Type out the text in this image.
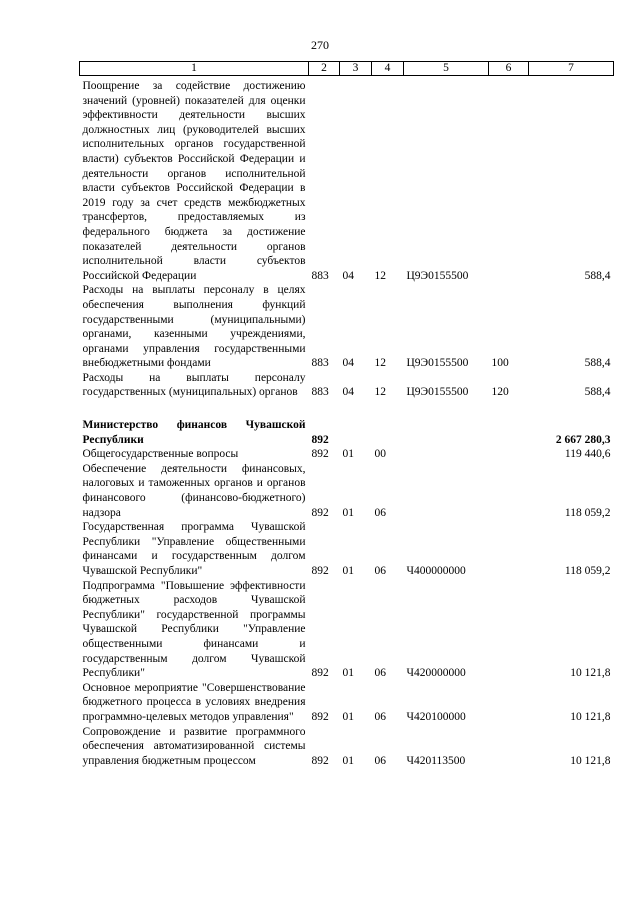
270
1	2	3	4	5	6	7
Поощрение за содействие достижению значений (уровней) показателей для оценки эффективности деятельности высших должностных лиц (руководителей высших исполнительных органов государственной власти) субъектов Российской Федерации и деятельности органов исполнительной власти субъектов Российской Федерации в 2019 году за счет средств межбюджетных трансфертов, предоставляемых из федерального бюджета за достижение показателей деятельности органов исполнительной власти субъектов Российской Федерации	883	04	12	Ц9Э0155500		588,4
Расходы на выплаты персоналу в целях обеспечения выполнения функций государственными (муниципальными) органами, казенными учреждениями, органами управления государственными внебюджетными фондами	883	04	12	Ц9Э0155500	100	588,4
Расходы на выплаты персоналу государственных (муниципальных) органов	883	04	12	Ц9Э0155500	120	588,4

Министерство финансов Чувашской Республики	892					2 667 280,3
Общегосударственные вопросы	892	01	00			119 440,6
Обеспечение деятельности финансовых, налоговых и таможенных органов и органов финансового (финансово-бюджетного) надзора	892	01	06			118 059,2
Государственная программа Чувашской Республики "Управление общественными финансами и государственным долгом Чувашской Республики"	892	01	06	Ч400000000		118 059,2
Подпрограмма "Повышение эффективности бюджетных расходов Чувашской Республики" государственной программы Чувашской Республики "Управление общественными финансами и государственным долгом Чувашской Республики"	892	01	06	Ч420000000		10 121,8
Основное мероприятие "Совершенствование бюджетного процесса в условиях внедрения программно-целевых методов управления"	892	01	06	Ч420100000		10 121,8
Сопровождение и развитие программного обеспечения автоматизированной системы управления бюджетным процессом	892	01	06	Ч420113500		10 121,8
